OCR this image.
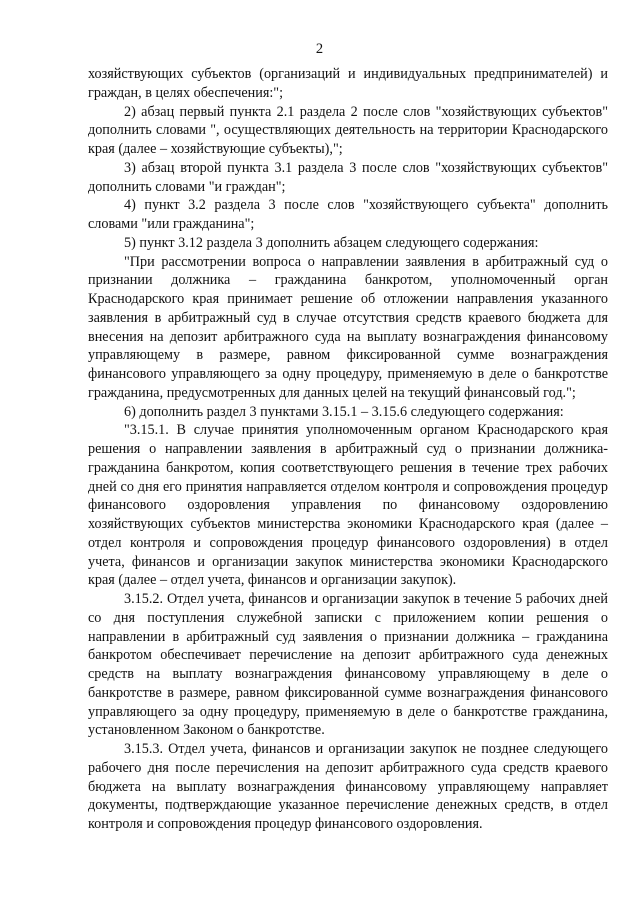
2

хозяйствующих субъектов (организаций и индивидуальных предпринимателей) и граждан, в целях обеспечения:";

2) абзац первый пункта 2.1 раздела 2 после слов "хозяйствующих субъектов" дополнить словами ", осуществляющих деятельность на территории Краснодарского края (далее – хозяйствующие субъекты),";

3) абзац второй пункта 3.1 раздела 3 после слов "хозяйствующих субъектов" дополнить словами "и граждан";

4) пункт 3.2 раздела 3 после слов "хозяйствующего субъекта" дополнить словами "или гражданина";

5) пункт 3.12 раздела 3 дополнить абзацем следующего содержания:

"При рассмотрении вопроса о направлении заявления в арбитражный суд о признании должника – гражданина банкротом, уполномоченный орган Краснодарского края принимает решение об отложении направления указанного заявления в арбитражный суд в случае отсутствия средств краевого бюджета для внесения на депозит арбитражного суда на выплату вознаграждения финансовому управляющему в размере, равном фиксированной сумме вознаграждения финансового управляющего за одну процедуру, применяемую в деле о банкротстве гражданина, предусмотренных для данных целей на текущий финансовый год.";

6) дополнить раздел 3 пунктами 3.15.1 – 3.15.6 следующего содержания:

"3.15.1. В случае принятия уполномоченным органом Краснодарского края решения о направлении заявления в арбитражный суд о признании должника-гражданина банкротом, копия соответствующего решения в течение трех рабочих дней со дня его принятия направляется отделом контроля и сопровождения процедур финансового оздоровления управления по финансовому оздоровлению хозяйствующих субъектов министерства экономики Краснодарского края (далее – отдел контроля и сопровождения процедур финансового оздоровления) в отдел учета, финансов и организации закупок министерства экономики Краснодарского края (далее – отдел учета, финансов и организации закупок).

3.15.2. Отдел учета, финансов и организации закупок в течение 5 рабочих дней со дня поступления служебной записки с приложением копии решения о направлении в арбитражный суд заявления о признании должника – гражданина банкротом обеспечивает перечисление на депозит арбитражного суда денежных средств на выплату вознаграждения финансовому управляющему в деле о банкротстве в размере, равном фиксированной сумме вознаграждения финансового управляющего за одну процедуру, применяемую в деле о банкротстве гражданина, установленном Законом о банкротстве.

3.15.3. Отдел учета, финансов и организации закупок не позднее следующего рабочего дня после перечисления на депозит арбитражного суда средств краевого бюджета на выплату вознаграждения финансовому управляющему направляет документы, подтверждающие указанное перечисление денежных средств, в отдел контроля и сопровождения процедур финансового оздоровления.
